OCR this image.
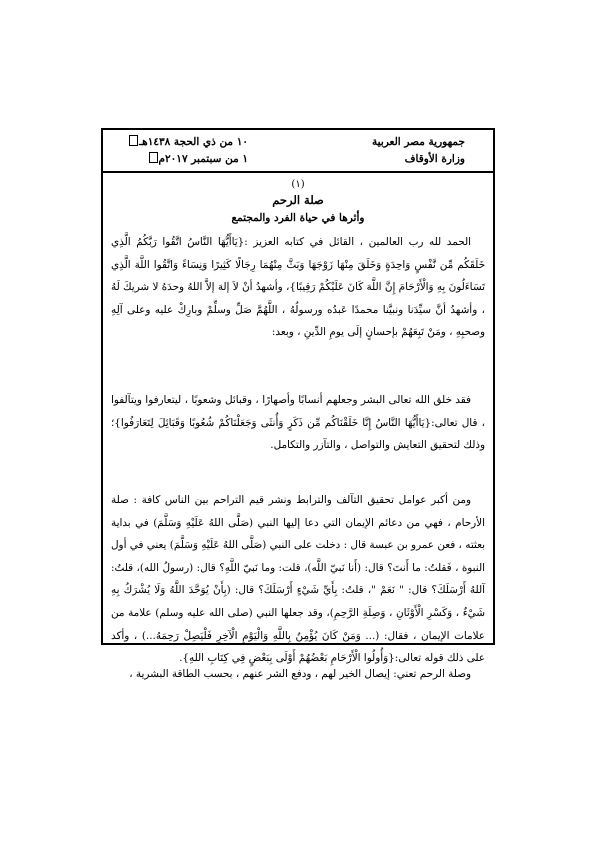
جمهورية مصر العربية
وزارة الأوقاف
١٠ من ذي الحجة ١٤٣٨هـ
١ من سبتمبر ٢٠١٧م
(١)
صلة الرحم
وأثرها في حياة الفرد والمجتمع
الحمد لله رب العالمين ، القائل في كتابه العزيز :{يَاأَيُّهَا النَّاسُ اتَّقُوا رَبَّكُمُ الَّذِي خَلَقَكُم مِّن نَّفْسٍ وَاحِدَةٍ وَخَلَقَ مِنْهَا زَوْجَهَا وَبَثَّ مِنْهُمَا رِجَالًا كَثِيرًا وَنِسَاءً وَاتَّقُوا اللَّهَ الَّذِي تَسَاءَلُونَ بِهِ وَالْأَرْحَامَ إِنَّ اللَّهَ كَانَ عَلَيْكُمْ رَقِيبًا}، وأشهدُ أنْ لاَ إلهَ إلاَّ اللهُ وحدَهُ لا شريكَ لَهُ ، وأشهدُ أنَّ سيِّدَنا ونبيَّنا محمدًا عَبدُه ورسولُهُ ، اللَّهُمَّ صَلِّ وسلِّمْ وبارِكْ عليه وعلى آلِهِ وصحبِهِ ، ومَنْ تَبِعَهُمْ بإحسانٍ إلَى يومِ الدِّينِ ، وبعد:
فقد خلق الله تعالى البشر وجعلهم أنسابًا وأصهارًا ، وقبائل وشعوبًا ، ليتعارفوا ويتآلفوا ، قال تعالى:{يَاأَيُّهَا النَّاسُ إِنَّا خَلَقْنَاكُم مِّن ذَكَرٍ وَأُنثَى وَجَعَلْنَاكُمْ شُعُوبًا وَقَبَائِلَ لِتَعَارَفُوا}؛ وذلك لتحقيق التعايش والتواصل ، والتآزر والتكامل.
ومن أكبر عوامل تحقيق التآلف والترابط ونشر قيم التراحم بين الناس كافة : صلة الأرحام ، فهي من دعائم الإيمان التي دعا إليها النبي (صَلَّى اللهُ عَلَيْهِ وَسَلَّمَ) في بداية بعثته ، فعن عمرو بن عبسة قال : دخلت على النبي (صَلَّى اللهُ عَلَيْهِ وَسَلَّمَ) يعني في أول النبوة ، فَقلتُ: ما أَنتَ؟ قال: (أَنا نَبيّ اللَّه)، قلت: وما نَبيّ اللَّهِ؟ قال: (رسولُ الله)، قلتُ: آللهُ أَرْسَلَكَ؟ قال: " نَعَمْ "، قلتُ: بِأَيِّ شَيْءٍ أَرْسَلَكَ؟ قال: (بِأَنْ يُوَحَّدَ اللَّهُ وَلَا يُشْرَكُ بِهِ شَيْءٌ ، وَكَسْرِ الْأَوْثَانِ ، وَصِلَةِ الرَّحِمِ)، وقد جعلها النبي (صلى الله عليه وسلم) علامة من علامات الإيمان ، فقال: (... وَمَنْ كَانَ يُؤْمِنُ بِاللَّهِ وَالْيَوْمِ الْآخِرِ فَلْيَصِلْ رَحِمَهُ...) ، وأكد على ذلك قوله تعالى:{وَأُولُوا الْأَرْحَامِ بَعْضُهُمْ أَوْلَى بِبَعْضٍ فِي كِتَابِ اللهِ}.
وصلة الرحم تعني: إيصال الخير لهم ، ودفع الشر عنهم ، بحسب الطاقة البشرية ،
